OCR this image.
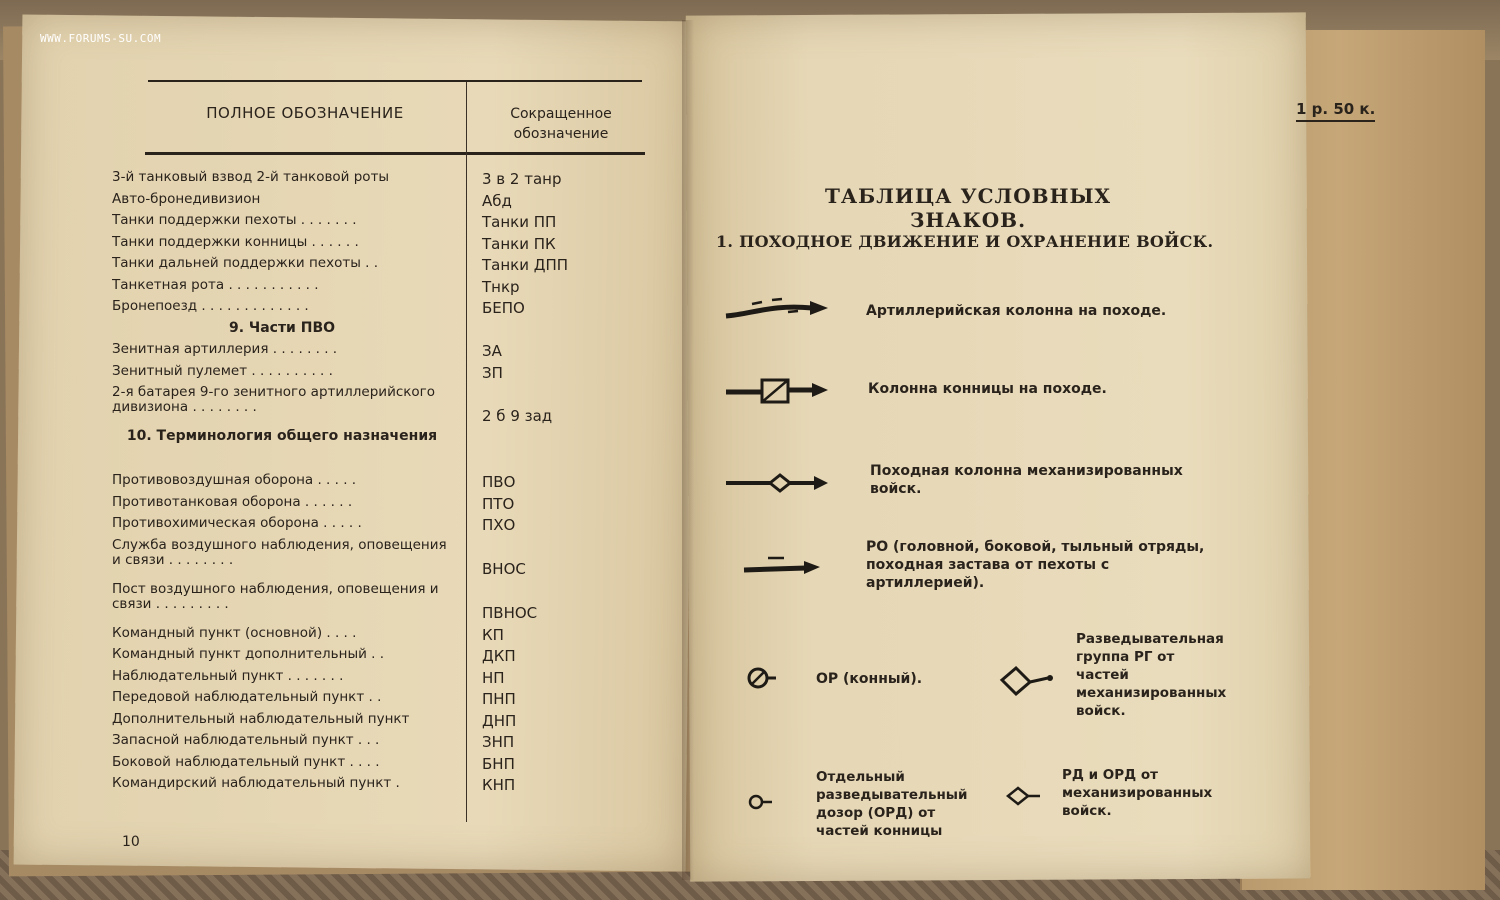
WWW.FORUMS-SU.COM
ПОЛНОЕ ОБОЗНАЧЕНИЕ	Сокращенное обозначение
3-й танковый взвод 2-й танковой роты	3 в 2 танр
Авто-бронедивизион	Абд
Танки поддержки пехоты . . . . . . .	Танки ПП
Танки поддержки конницы . . . . . .	Танки ПК
Танки дальней поддержки пехоты . .	Танки ДПП
Танкетная рота . . . . . . . . . . .	Тнкр
Бронепоезд . . . . . . . . . . . . .	БЕПО
9. Части ПВО
Зенитная артиллерия . . . . . . . .	ЗА
Зенитный пулемет . . . . . . . . . .	ЗП
2-я батарея 9-го зенитного артиллерийского дивизиона . . . . . . . .	2 б 9 зад
10. Терминология общего назначения
Противовоздушная оборона . . . . .	ПВО
Противотанковая оборона . . . . . .	ПТО
Противохимическая оборона . . . . .	ПХО
Служба воздушного наблюдения, оповещения и связи . . . . . . . .	ВНОС
Пост воздушного наблюдения, оповещения и связи . . . . . . . . .	ПВНОС
Командный пункт (основной) . . . .	КП
Командный пункт дополнительный . .	ДКП
Наблюдательный пункт . . . . . . .	НП
Передовой наблюдательный пункт . .	ПНП
Дополнительный наблюдательный пункт	ДНП
Запасной наблюдательный пункт . . .	ЗНП
Боковой наблюдательный пункт . . . .	БНП
Командирский наблюдательный пункт .	КНП
10
1 р. 50 к.
ТАБЛИЦА УСЛОВНЫХ ЗНАКОВ.
1. ПОХОДНОЕ ДВИЖЕНИЕ И ОХРАНЕНИЕ ВОЙСК.
Артиллерийская колонна на походе.
Колонна конницы на походе.
Походная колонна механизированных войск.
РО (головной, боковой, тыльный отряды, походная застава от пехоты с артиллерией).
ОР (конный).
Разведывательная группа РГ от частей механизированных войск.
Отдельный разведывательный дозор (ОРД) от частей конницы
РД и ОРД от механизированных войск.
